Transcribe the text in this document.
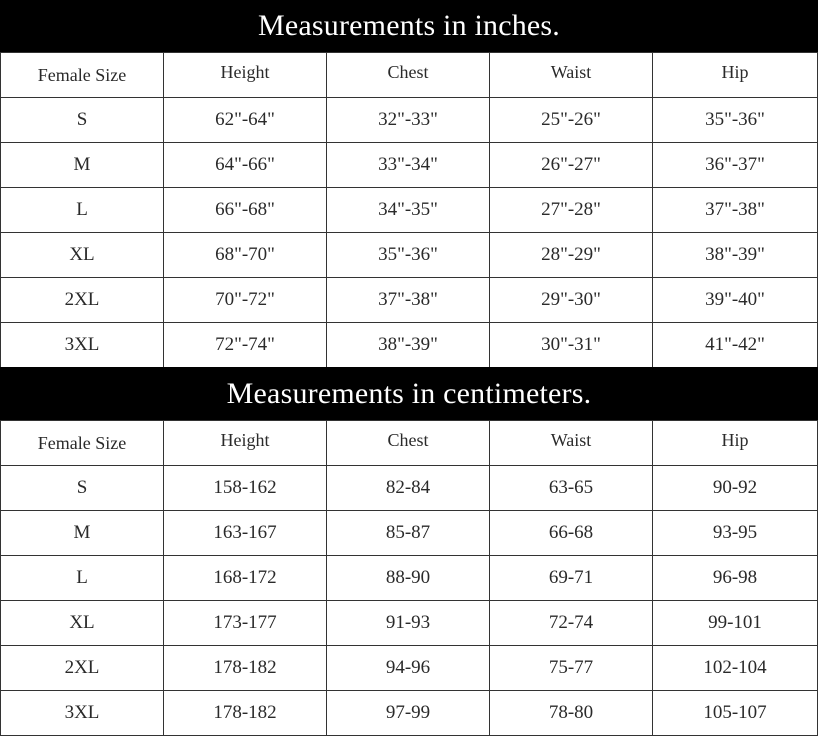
Measurements in inches.
Female Size	Height	Chest	Waist	Hip
S	62"-64"	32"-33"	25"-26"	35"-36"
M	64"-66"	33"-34"	26"-27"	36"-37"
L	66"-68"	34"-35"	27"-28"	37"-38"
XL	68"-70"	35"-36"	28"-29"	38"-39"
2XL	70"-72"	37"-38"	29"-30"	39"-40"
3XL	72"-74"	38"-39"	30"-31"	41"-42"
Measurements in centimeters.
Female Size	Height	Chest	Waist	Hip
S	158-162	82-84	63-65	90-92
M	163-167	85-87	66-68	93-95
L	168-172	88-90	69-71	96-98
XL	173-177	91-93	72-74	99-101
2XL	178-182	94-96	75-77	102-104
3XL	178-182	97-99	78-80	105-107
